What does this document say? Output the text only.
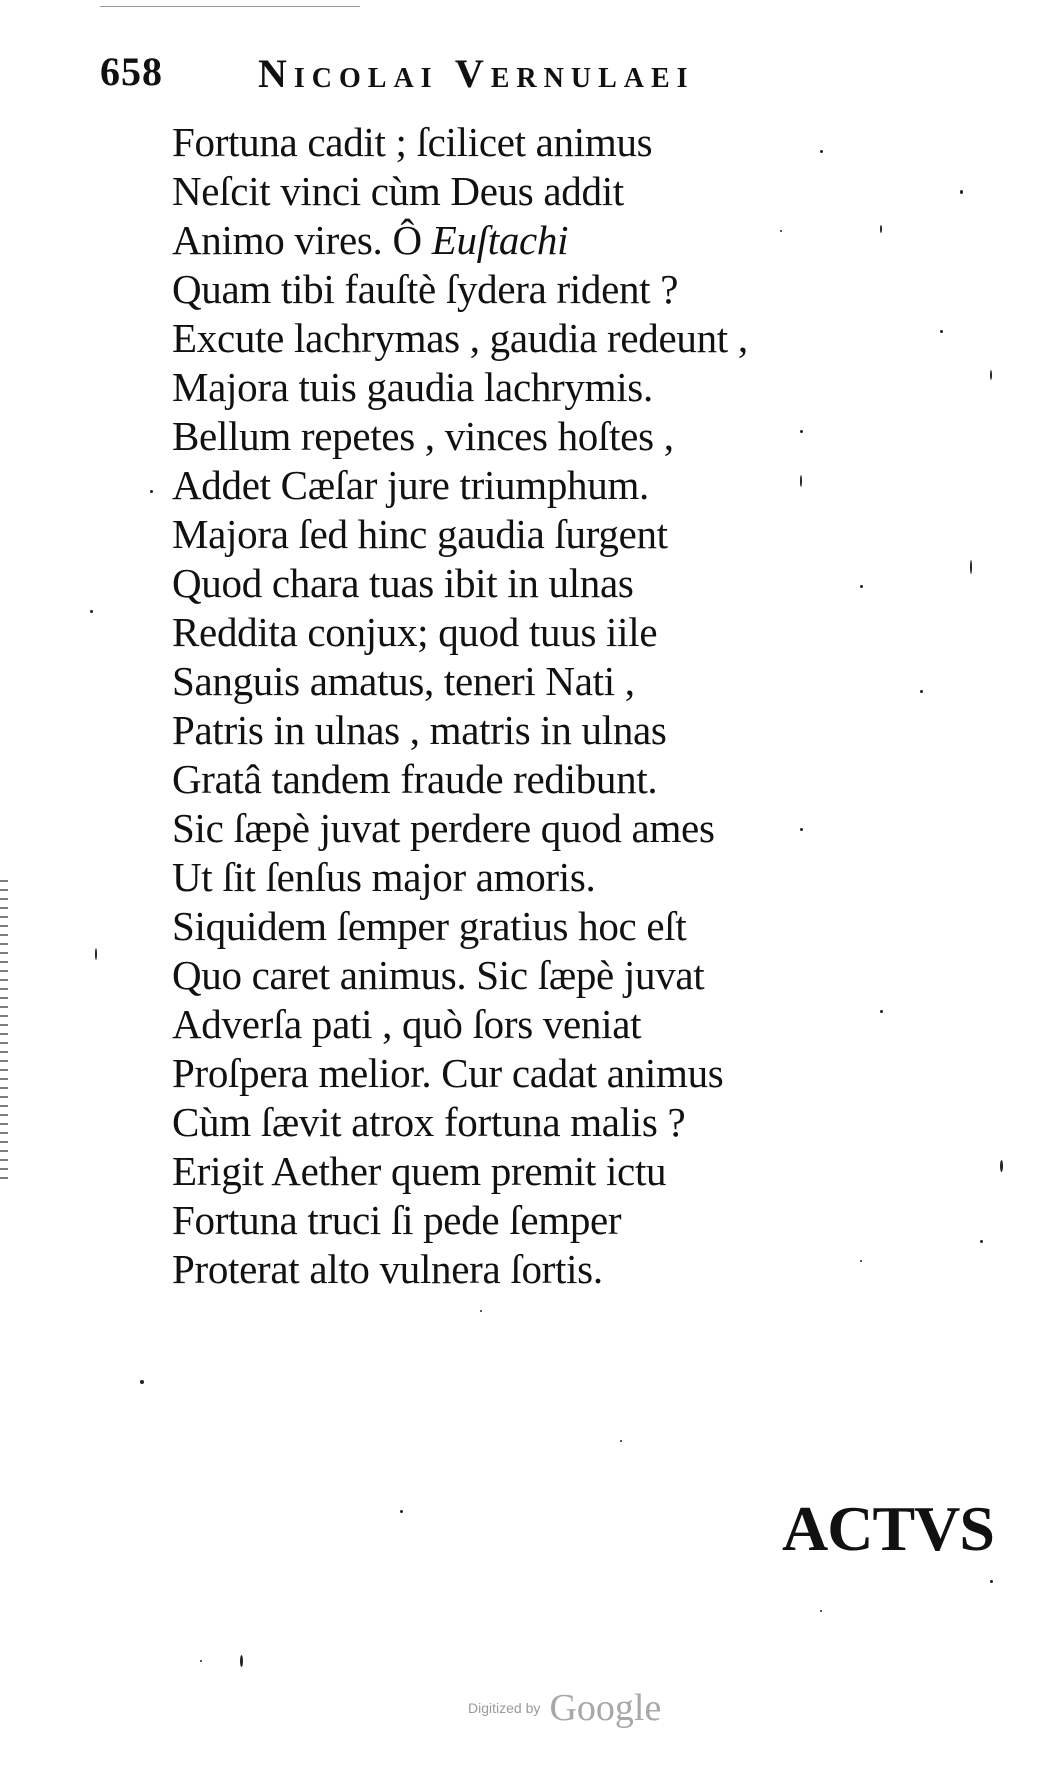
658 Nicolai Vernulaei
Fortuna cadit ; ſcilicet animus
Neſcit vinci cùm Deus addit
Animo vires. Ô Euſtachi
Quam tibi fauſtè ſydera rident ?
Excute lachrymas , gaudia redeunt ,
Majora tuis gaudia lachrymis.
Bellum repetes , vinces hoſtes ,
Addet Cæſar jure triumphum.
Majora ſed hinc gaudia ſurgent
Quod chara tuas ibit in ulnas
Reddita conjux; quod tuus iile
Sanguis amatus, teneri Nati ,
Patris in ulnas , matris in ulnas
Gratâ tandem fraude redibunt.
Sic ſæpè juvat perdere quod ames
Ut ſit ſenſus major amoris.
Siquidem ſemper gratius hoc eſt
Quo caret animus. Sic ſæpè juvat
Adverſa pati , quò ſors veniat
Proſpera melior. Cur cadat animus
Cùm ſævit atrox fortuna malis ?
Erigit Aether quem premit ictu
Fortuna truci ſi pede ſemper
Proterat alto vulnera ſortis.
ACTVS
Digitized by Google
